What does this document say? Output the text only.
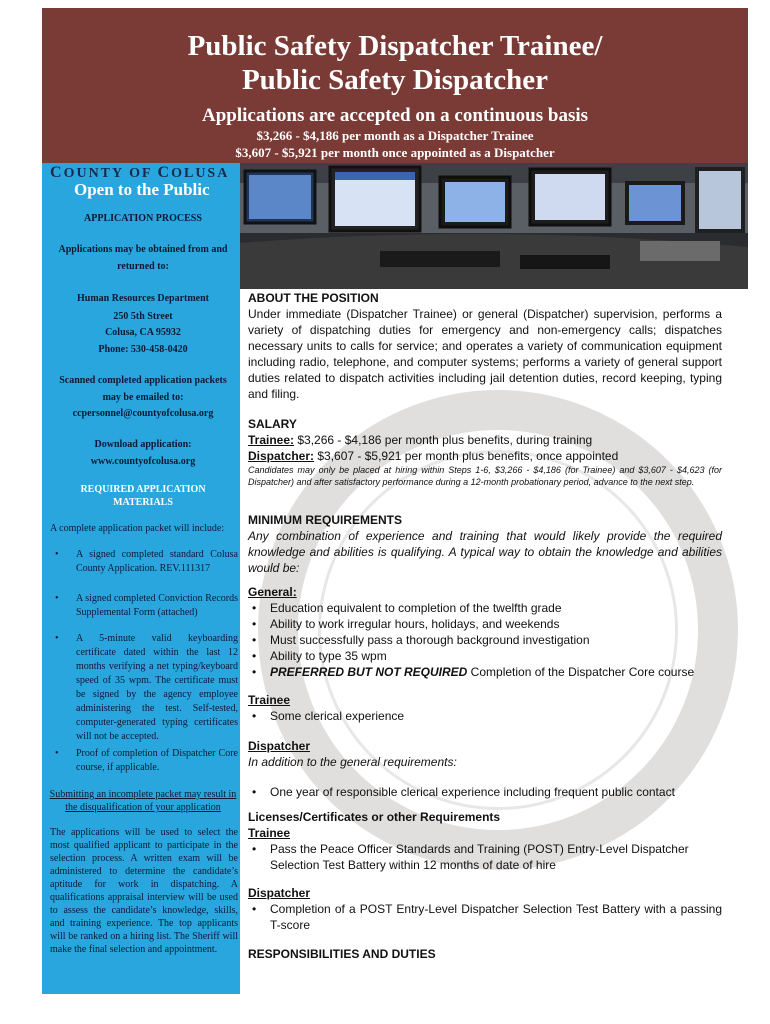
Public Safety Dispatcher Trainee/
Public Safety Dispatcher
Applications are accepted on a continuous basis
$3,266 - $4,186 per month as a Dispatcher Trainee
$3,607 - $5,921 per month once appointed as a Dispatcher
COUNTY OF COLUSA
Open to the Public
APPLICATION PROCESS
Applications may be obtained from and
returned to:
Human Resources Department
250 5th Street
Colusa, CA 95932
Phone: 530-458-0420
Scanned completed application packets
may be emailed to:
ccpersonnel@countyofcolusa.org
Download application:
www.countyofcolusa.org
REQUIRED APPLICATION
MATERIALS
A complete application packet will include:
• A signed completed standard Colusa County Application. REV.111317
• A signed completed Conviction Records Supplemental Form (attached)
• A 5-minute valid keyboarding certificate dated within the last 12 months verifying a net typing/keyboard speed of 35 wpm. The certificate must be signed by the agency employee administering the test. Self-tested, computer-generated typing certificates will not be accepted.
• Proof of completion of Dispatcher Core course, if applicable.
Submitting an incomplete packet may result in the disqualification of your application
The applications will be used to select the most qualified applicant to participate in the selection process. A written exam will be administered to determine the candidate’s aptitude for work in dispatching. A qualifications appraisal interview will be used to assess the candidate’s knowledge, skills, and training experience. The top applicants will be ranked on a hiring list. The Sheriff will make the final selection and appointment.
ABOUT THE POSITION
Under immediate (Dispatcher Trainee) or general (Dispatcher) supervision, performs a variety of dispatching duties for emergency and non-emergency calls; dispatches necessary units to calls for service; and operates a variety of communication equipment including radio, telephone, and computer systems; performs a variety of general support duties related to dispatch activities including jail detention duties, record keeping, typing and filing.
SALARY
Trainee: $3,266 - $4,186 per month plus benefits, during training
Dispatcher: $3,607 - $5,921 per month plus benefits, once appointed
Candidates may only be placed at hiring within Steps 1-6, $3,266 - $4,186 (for Trainee) and $3,607 - $4,623 (for Dispatcher) and after satisfactory performance during a 12-month probationary period, advance to the next step.
MINIMUM REQUIREMENTS
Any combination of experience and training that would likely provide the required knowledge and abilities is qualifying. A typical way to obtain the knowledge and abilities would be:
General:
• Education equivalent to completion of the twelfth grade
• Ability to work irregular hours, holidays, and weekends
• Must successfully pass a thorough background investigation
• Ability to type 35 wpm
• PREFERRED BUT NOT REQUIRED Completion of the Dispatcher Core course
Trainee
• Some clerical experience
Dispatcher
In addition to the general requirements:
• One year of responsible clerical experience including frequent public contact
Licenses/Certificates or other Requirements
Trainee
• Pass the Peace Officer Standards and Training (POST) Entry-Level Dispatcher Selection Test Battery within 12 months of date of hire
Dispatcher
• Completion of a POST Entry-Level Dispatcher Selection Test Battery with a passing T-score
RESPONSIBILITIES AND DUTIES
